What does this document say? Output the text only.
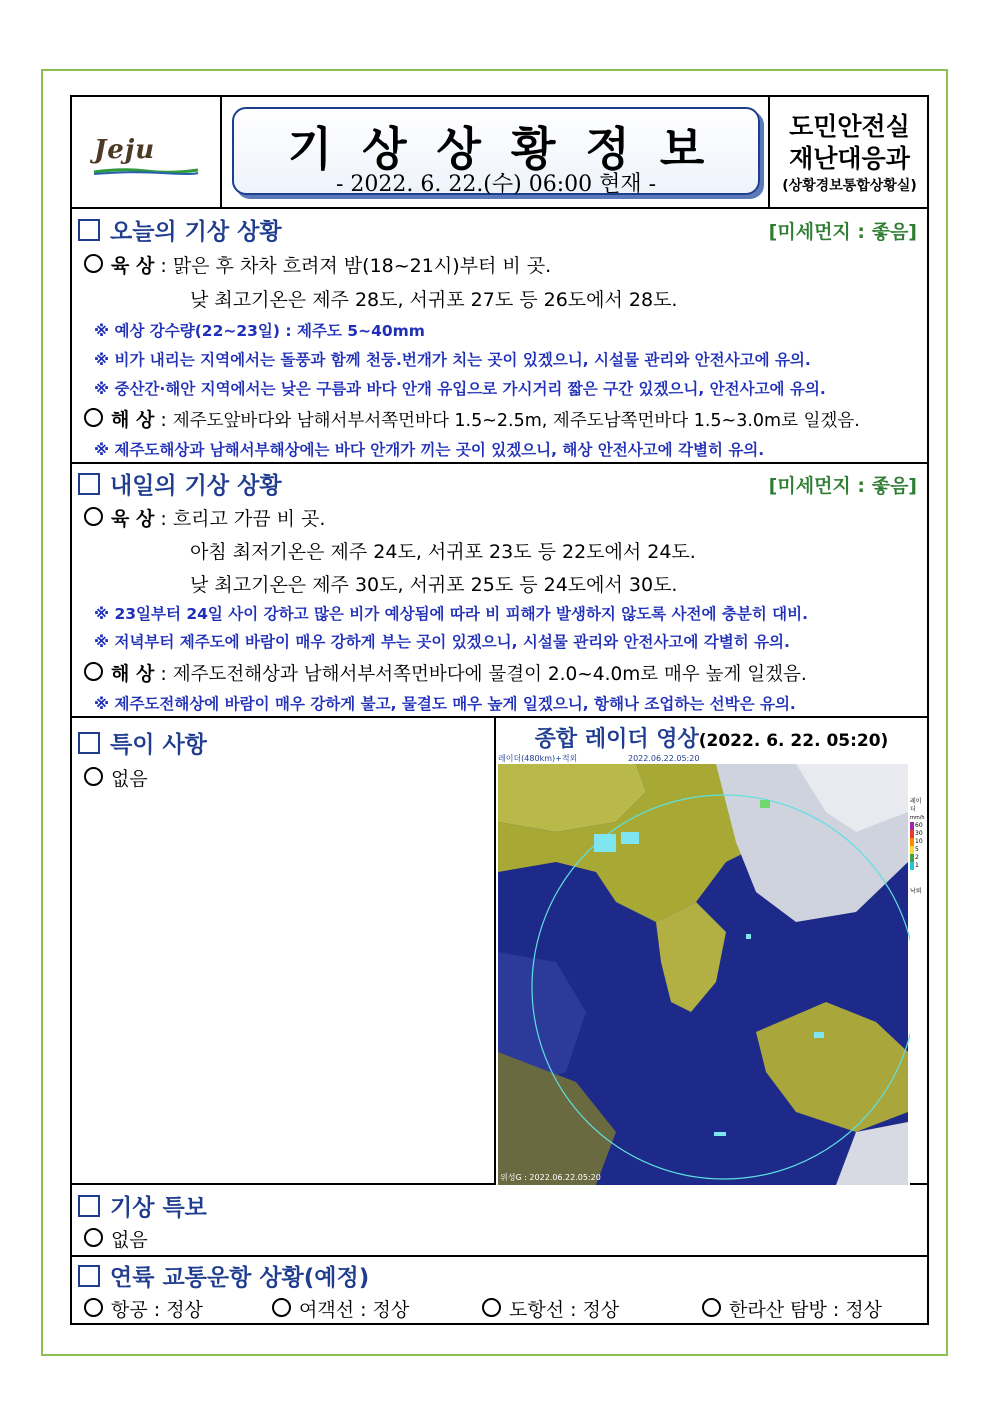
Jeju	기상상황정보
- 2022. 6. 22.(수) 06:00 현재 -
도민안전실
재난대응과
(상황경보통합상황실)
오늘의 기상 상황	[미세먼지 : 좋음]
육 상 : 맑은 후 차차 흐려져 밤(18~21시)부터 비 곳.
낮 최고기온은 제주 28도, 서귀포 27도 등 26도에서 28도.
※ 예상 강수량(22~23일) : 제주도 5~40mm
※ 비가 내리는 지역에서는 돌풍과 함께 천둥.번개가 치는 곳이 있겠으니, 시설물 관리와 안전사고에 유의.
※ 중산간·해안 지역에서는 낮은 구름과 바다 안개 유입으로 가시거리 짧은 구간 있겠으니, 안전사고에 유의.
해 상 : 제주도앞바다와 남해서부서쪽먼바다 1.5~2.5m, 제주도남쪽먼바다 1.5~3.0m로 일겠음.
※ 제주도해상과 남해서부해상에는 바다 안개가 끼는 곳이 있겠으니, 해상 안전사고에 각별히 유의.
내일의 기상 상황	[미세먼지 : 좋음]
육 상 : 흐리고 가끔 비 곳.
아침 최저기온은 제주 24도, 서귀포 23도 등 22도에서 24도.
낮 최고기온은 제주 30도, 서귀포 25도 등 24도에서 30도.
※ 23일부터 24일 사이 강하고 많은 비가 예상됨에 따라 비 피해가 발생하지 않도록 사전에 충분히 대비.
※ 저녁부터 제주도에 바람이 매우 강하게 부는 곳이 있겠으니, 시설물 관리와 안전사고에 각별히 유의.
해 상 : 제주도전해상과 남해서부서쪽먼바다에 물결이 2.0~4.0m로 매우 높게 일겠음.
※ 제주도전해상에 바람이 매우 강하게 불고, 물결도 매우 높게 일겠으니, 항해나 조업하는 선박은 유의.
특이 사항
없음
종합 레이더 영상(2022. 6. 22. 05:20)
레이더(480km)+적외	2022.06.22.05:20
위성G : 2022.06.22.05:20
레이더
mm/h
60
30
10
5
2
1
낙뢰
기상 특보
없음
연륙 교통운항 상황(예정)
항공 : 정상	여객선 : 정상	도항선 : 정상	한라산 탐방 : 정상
